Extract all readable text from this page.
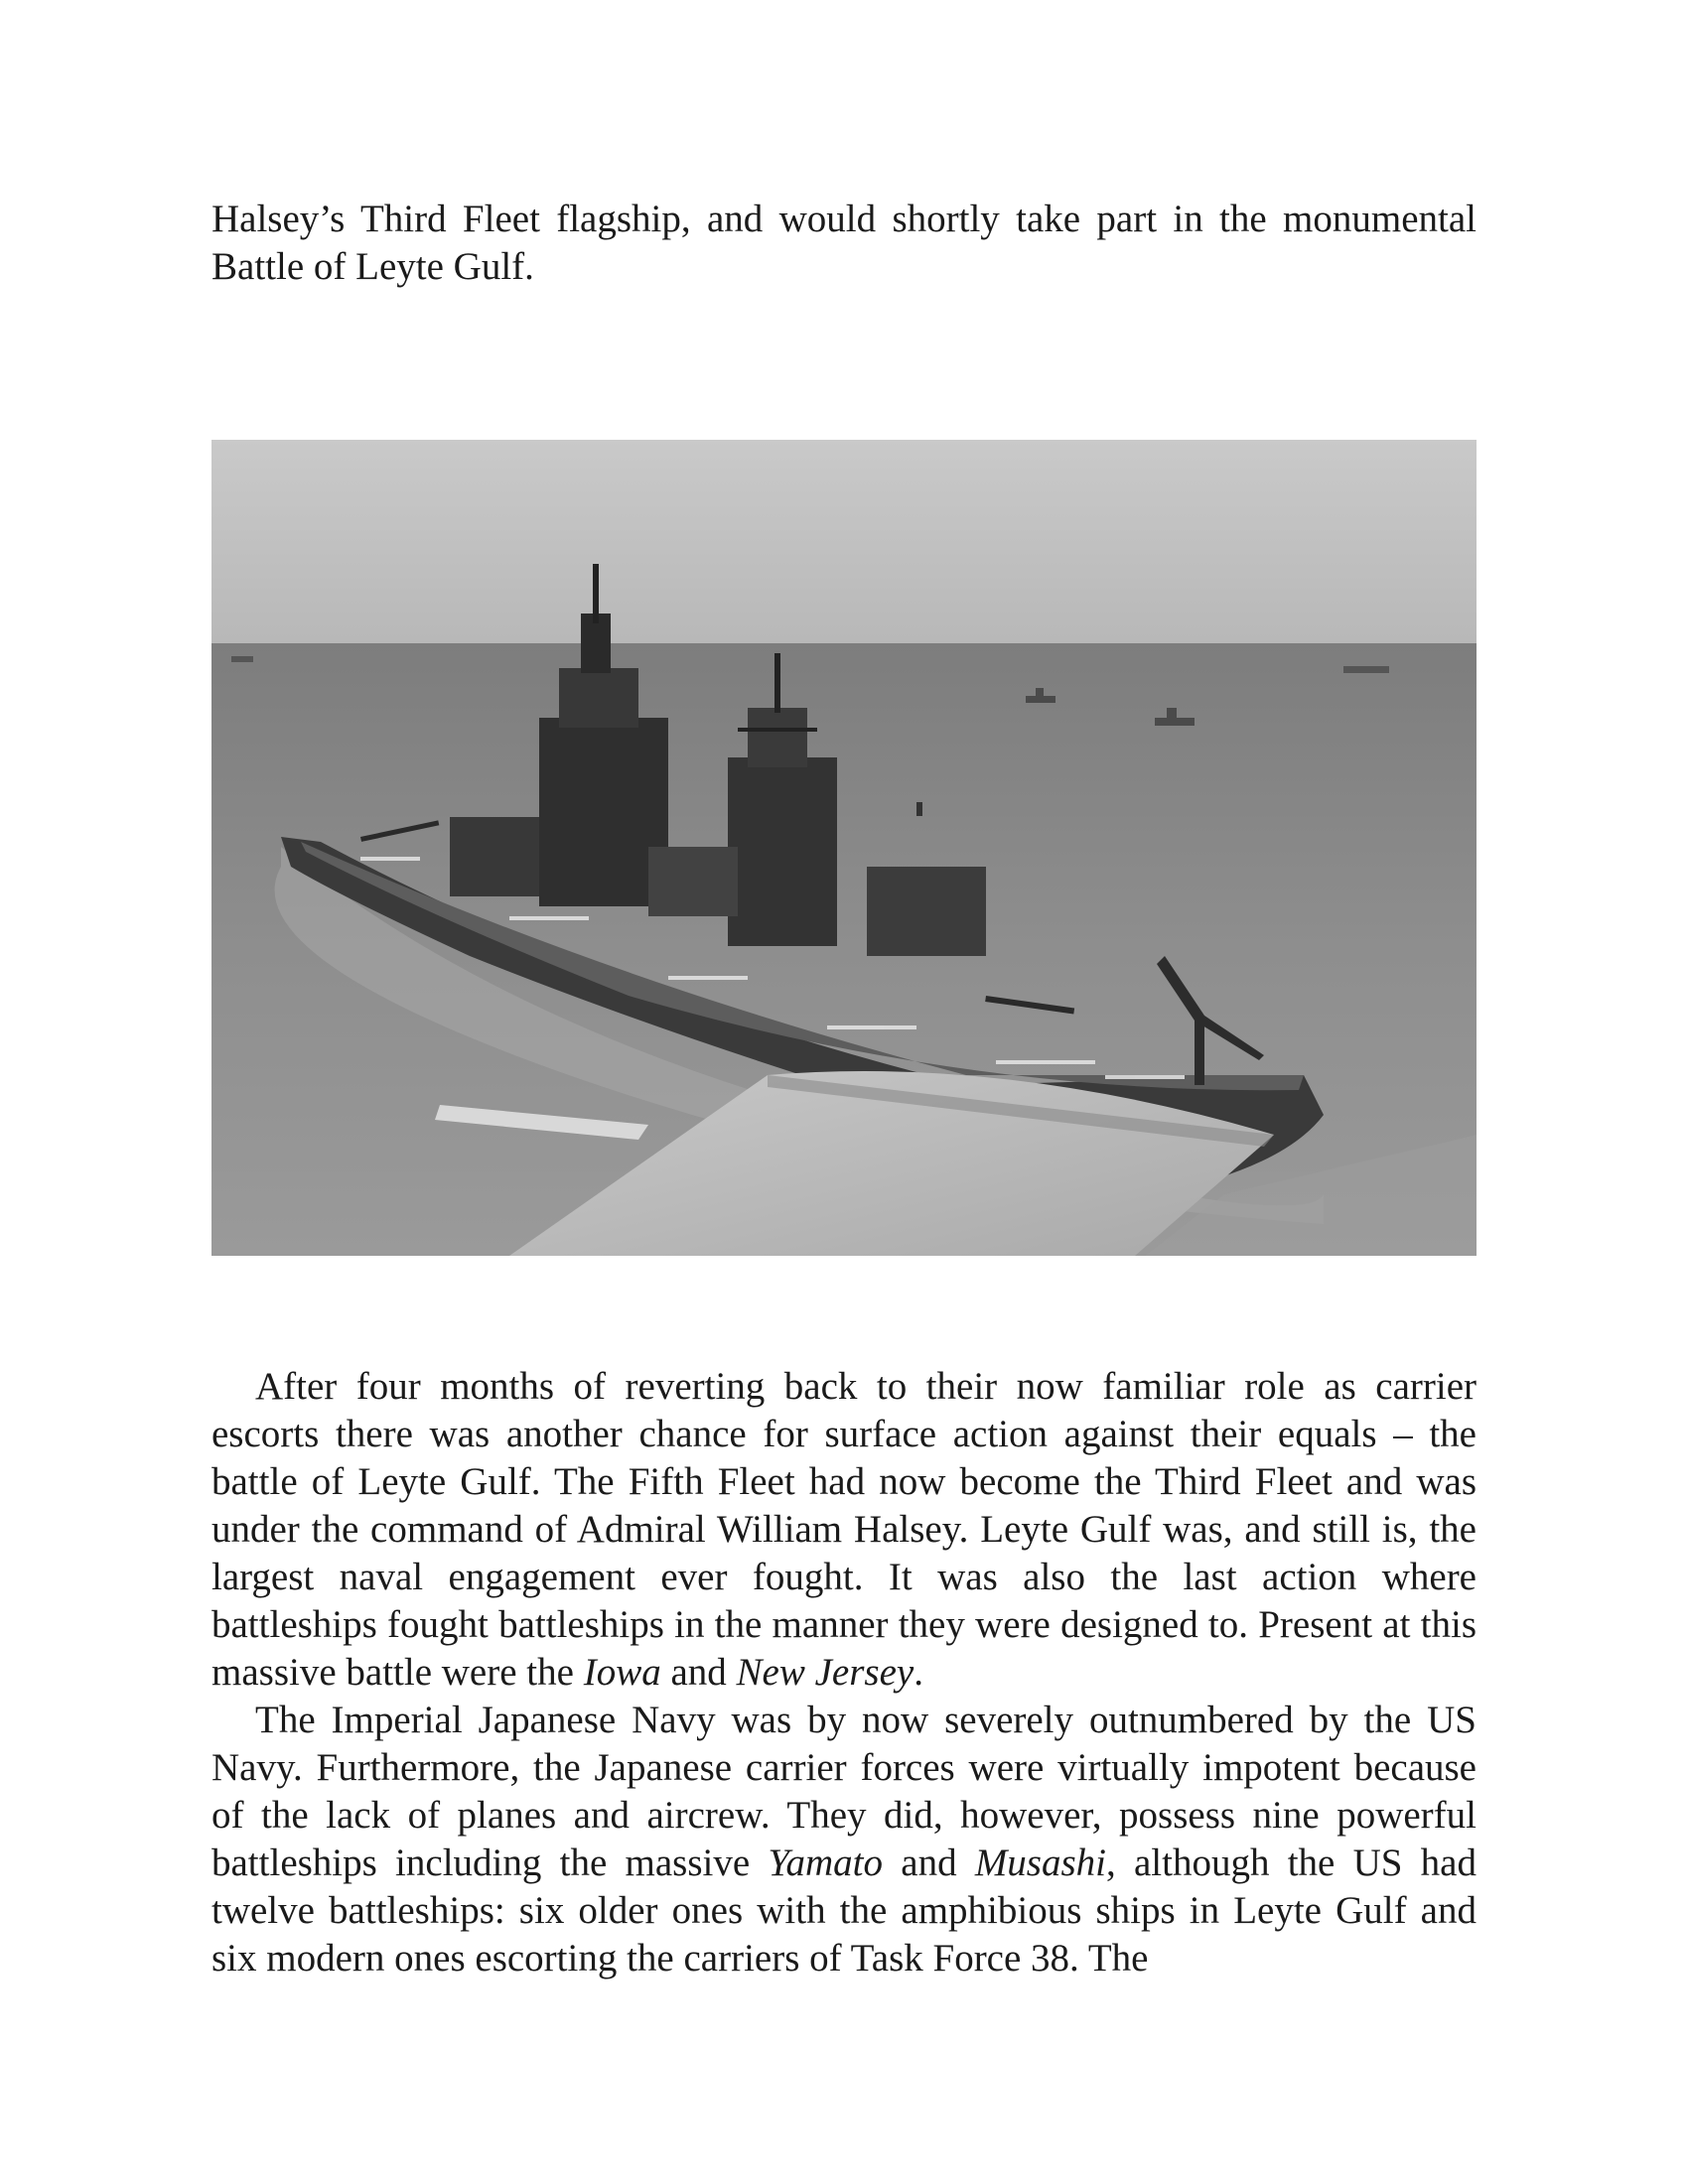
Halsey’s Third Fleet flagship, and would shortly take part in the monumental Battle of Leyte Gulf.

After four months of reverting back to their now familiar role as carrier escorts there was another chance for surface action against their equals – the battle of Leyte Gulf. The Fifth Fleet had now become the Third Fleet and was under the command of Admiral William Halsey. Leyte Gulf was, and still is, the largest naval engagement ever fought. It was also the last action where battleships fought battleships in the manner they were designed to. Present at this massive battle were the Iowa and New Jersey.

The Imperial Japanese Navy was by now severely outnumbered by the US Navy. Furthermore, the Japanese carrier forces were virtually impotent because of the lack of planes and aircrew. They did, however, possess nine powerful battleships including the massive Yamato and Musashi, although the US had twelve battleships: six older ones with the amphibious ships in Leyte Gulf and six modern ones escorting the carriers of Task Force 38. The
